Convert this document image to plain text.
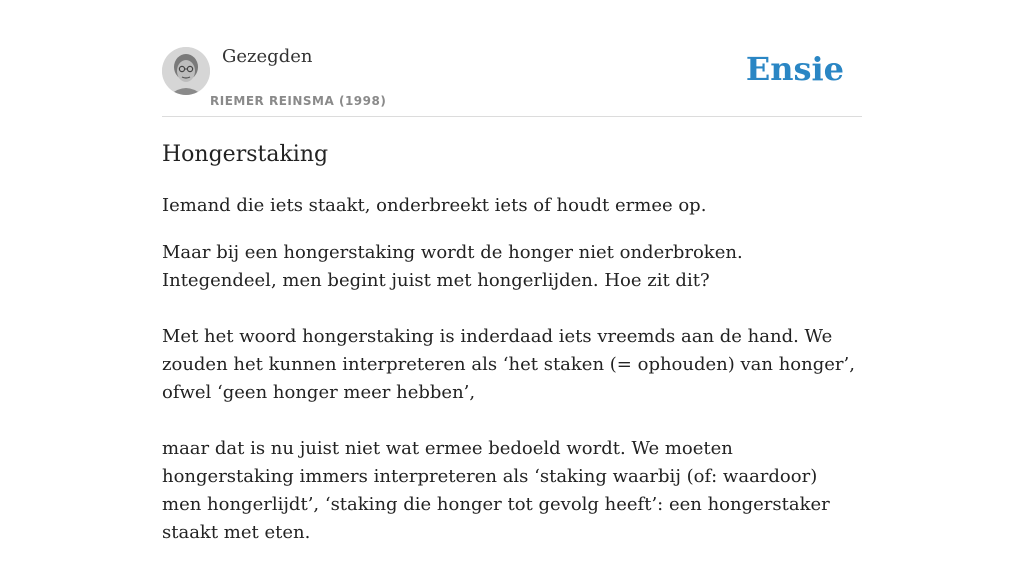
Gezegden
RIEMER REINSMA (1998)
Ensie
Hongerstaking

Iemand die iets staakt, onderbreekt iets of houdt ermee op.

Maar bij een hongerstaking wordt de honger niet onderbroken. Integendeel, men begint juist met hongerlijden. Hoe zit dit?

Met het woord hongerstaking is inderdaad iets vreemds aan de hand. We zouden het kunnen interpreteren als ‘het staken (= ophouden) van honger’, ofwel ‘geen honger meer hebben’,

maar dat is nu juist niet wat ermee bedoeld wordt. We moeten hongerstaking immers interpreteren als ‘staking waarbij (of: waardoor) men hongerlijdt’, ‘staking die honger tot gevolg heeft’: een hongerstaker staakt met eten.
